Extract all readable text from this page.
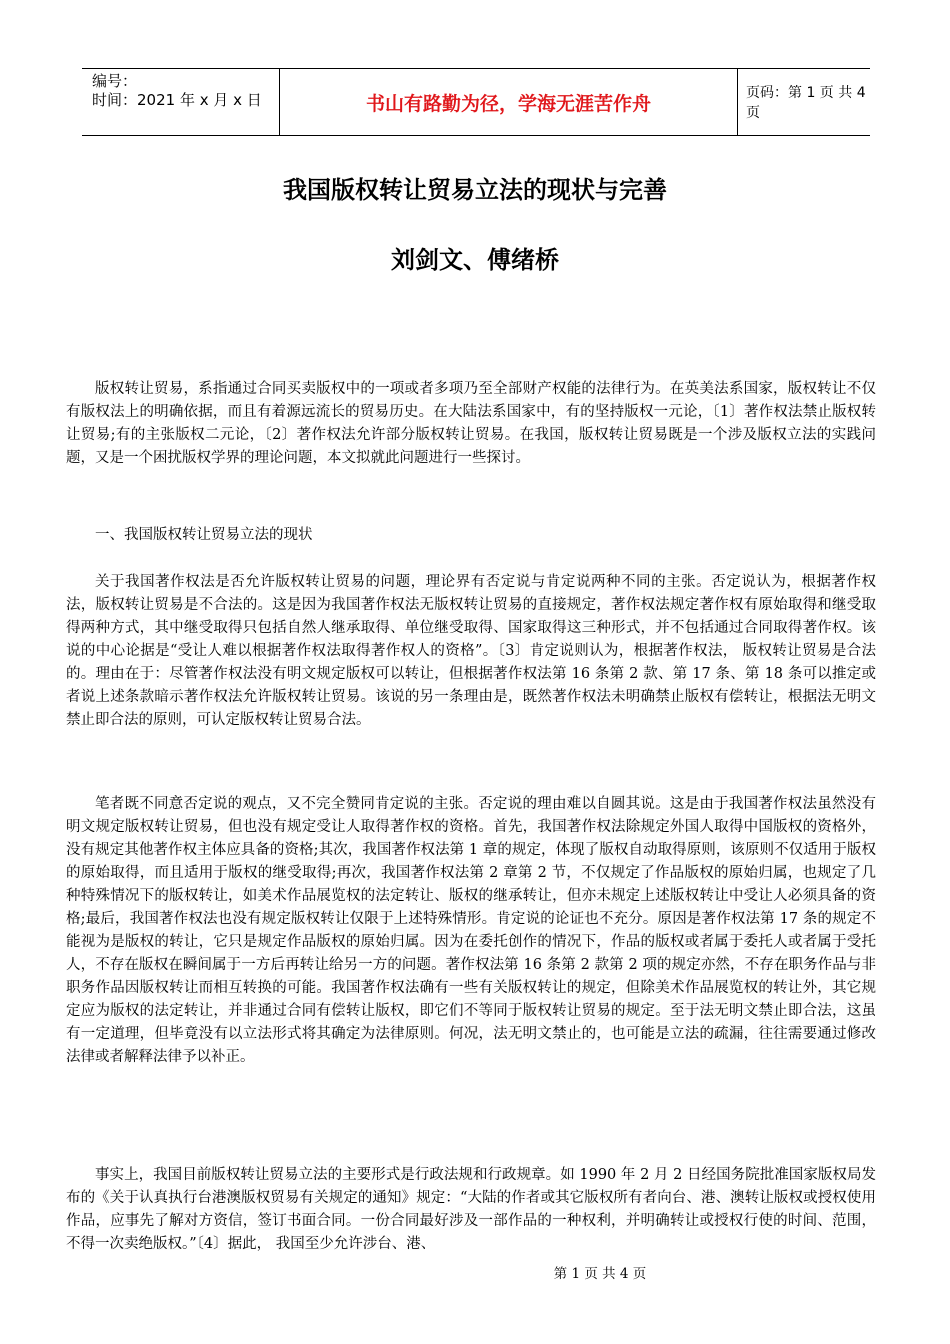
编号：
时间：2021 年 x 月 x 日	书山有路勤为径，学海无涯苦作舟	页码：第 1 页 共 4 页
我国版权转让贸易立法的现状与完善
刘剑文、傅绪桥

版权转让贸易，系指通过合同买卖版权中的一项或者多项乃至全部财产权能的法律行为。在英美法系国家，版权转让不仅有版权法上的明确依据，而且有着源远流长的贸易历史。在大陆法系国家中，有的坚持版权一元论，〔1〕著作权法禁止版权转让贸易;有的主张版权二元论，〔2〕著作权法允许部分版权转让贸易。在我国，版权转让贸易既是一个涉及版权立法的实践问题，又是一个困扰版权学界的理论问题，本文拟就此问题进行一些探讨。

一、我国版权转让贸易立法的现状

关于我国著作权法是否允许版权转让贸易的问题，理论界有否定说与肯定说两种不同的主张。否定说认为，根据著作权法，版权转让贸易是不合法的。这是因为我国著作权法无版权转让贸易的直接规定，著作权法规定著作权有原始取得和继受取得两种方式，其中继受取得只包括自然人继承取得、单位继受取得、国家取得这三种形式，并不包括通过合同取得著作权。该说的中心论据是“受让人难以根据著作权法取得著作权人的资格”。〔3〕肯定说则认为，根据著作权法， 版权转让贸易是合法的。理由在于：尽管著作权法没有明文规定版权可以转让，但根据著作权法第 16 条第 2 款、第 17 条、第 18 条可以推定或者说上述条款暗示著作权法允许版权转让贸易。该说的另一条理由是，既然著作权法未明确禁止版权有偿转让，根据法无明文禁止即合法的原则，可认定版权转让贸易合法。

笔者既不同意否定说的观点，又不完全赞同肯定说的主张。否定说的理由难以自圆其说。这是由于我国著作权法虽然没有明文规定版权转让贸易，但也没有规定受让人取得著作权的资格。首先，我国著作权法除规定外国人取得中国版权的资格外，没有规定其他著作权主体应具备的资格;其次，我国著作权法第 1 章的规定，体现了版权自动取得原则，该原则不仅适用于版权的原始取得，而且适用于版权的继受取得;再次，我国著作权法第 2 章第 2 节，不仅规定了作品版权的原始归属，也规定了几种特殊情况下的版权转让，如美术作品展览权的法定转让、版权的继承转让，但亦未规定上述版权转让中受让人必须具备的资格;最后，我国著作权法也没有规定版权转让仅限于上述特殊情形。肯定说的论证也不充分。原因是著作权法第 17 条的规定不能视为是版权的转让，它只是规定作品版权的原始归属。因为在委托创作的情况下，作品的版权或者属于委托人或者属于受托人，不存在版权在瞬间属于一方后再转让给另一方的问题。著作权法第 16 条第 2 款第 2 项的规定亦然，不存在职务作品与非职务作品因版权转让而相互转换的可能。我国著作权法确有一些有关版权转让的规定，但除美术作品展览权的转让外，其它规定应为版权的法定转让，并非通过合同有偿转让版权，即它们不等同于版权转让贸易的规定。至于法无明文禁止即合法，这虽有一定道理，但毕竟没有以立法形式将其确定为法律原则。何况，法无明文禁止的，也可能是立法的疏漏，往往需要通过修改法律或者解释法律予以补正。

事实上，我国目前版权转让贸易立法的主要形式是行政法规和行政规章。如 1990 年 2 月 2 日经国务院批准国家版权局发布的《关于认真执行台港澳版权贸易有关规定的通知》规定：“大陆的作者或其它版权所有者向台、港、澳转让版权或授权使用作品，应事先了解对方资信，签订书面合同。一份合同最好涉及一部作品的一种权利，并明确转让或授权行使的时间、范围，不得一次卖绝版权。”〔4〕据此， 我国至少允许涉台、港、

第 1 页 共 4 页
